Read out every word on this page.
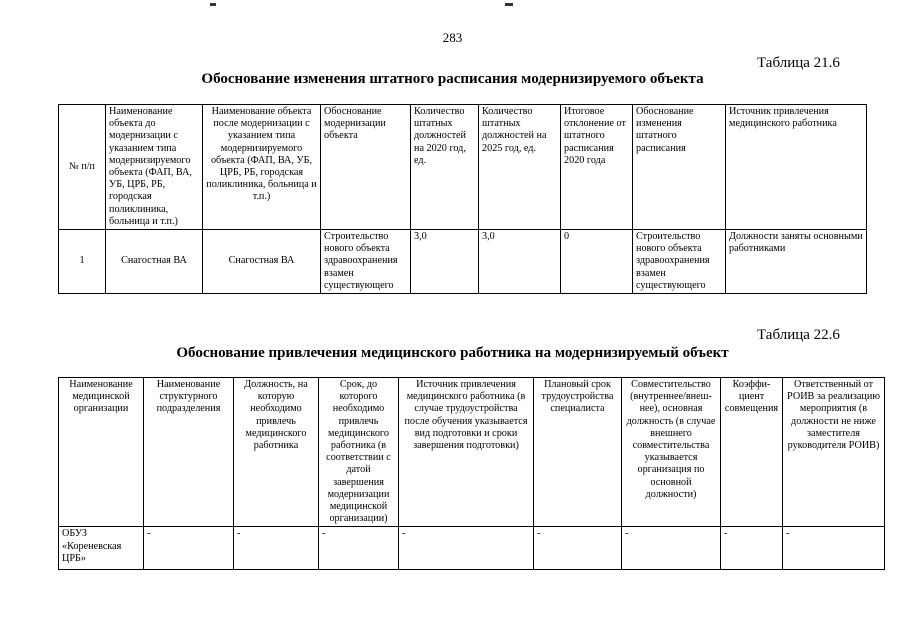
283
Таблица 21.6
Обоснование изменения штатного расписания модернизируемого объекта
№ п/п	Наименование объекта до модернизации с указанием типа модернизируемого объекта (ФАП, ВА, УБ, ЦРБ, РБ, городская поликлиника, больница и т.п.)	Наименование объекта после модернизации с указанием типа модернизируемого объекта (ФАП, ВА, УБ, ЦРБ, РБ, городская поликлиника, больница и т.п.)	Обоснование модернизации объекта	Количество штатных должностей на 2020 год, ед.	Количество штатных должностей на 2025 год, ед.	Итоговое отклонение от штатного расписания 2020 года	Обоснование изменения штатного расписания	Источник привлечения медицинского работника
1	Снагостная ВА	Снагостная ВА	Строительство нового объекта здравоохранения взамен существующего	3,0	3,0	0	Строительство нового объекта здравоохранения взамен существующего	Должности заняты основными работниками
Таблица 22.6
Обоснование привлечения медицинского работника на модернизируемый объект
Наименование медицинской организации	Наименование структурного подразделения	Должность, на которую необходимо привлечь медицинского работника	Срок, до которого необходимо привлечь медицинского работника (в соответствии с датой завершения модернизации медицинской организации)	Источник привлечения медицинского работника (в случае трудоустройства после обучения указывается вид подготовки и сроки завершения подготовки)	Плановый срок трудоустройства специалиста	Совместительство (внутреннее/внеш-нее), основная должность (в случае внешнего совместительства указывается организация по основной должности)	Коэффи-циент совмещения	Ответственный от РОИВ за реализацию мероприятия (в должности не ниже заместителя руководителя РОИВ)
ОБУЗ «Кореневская ЦРБ»	-	-	-	-	-	-	-	-
